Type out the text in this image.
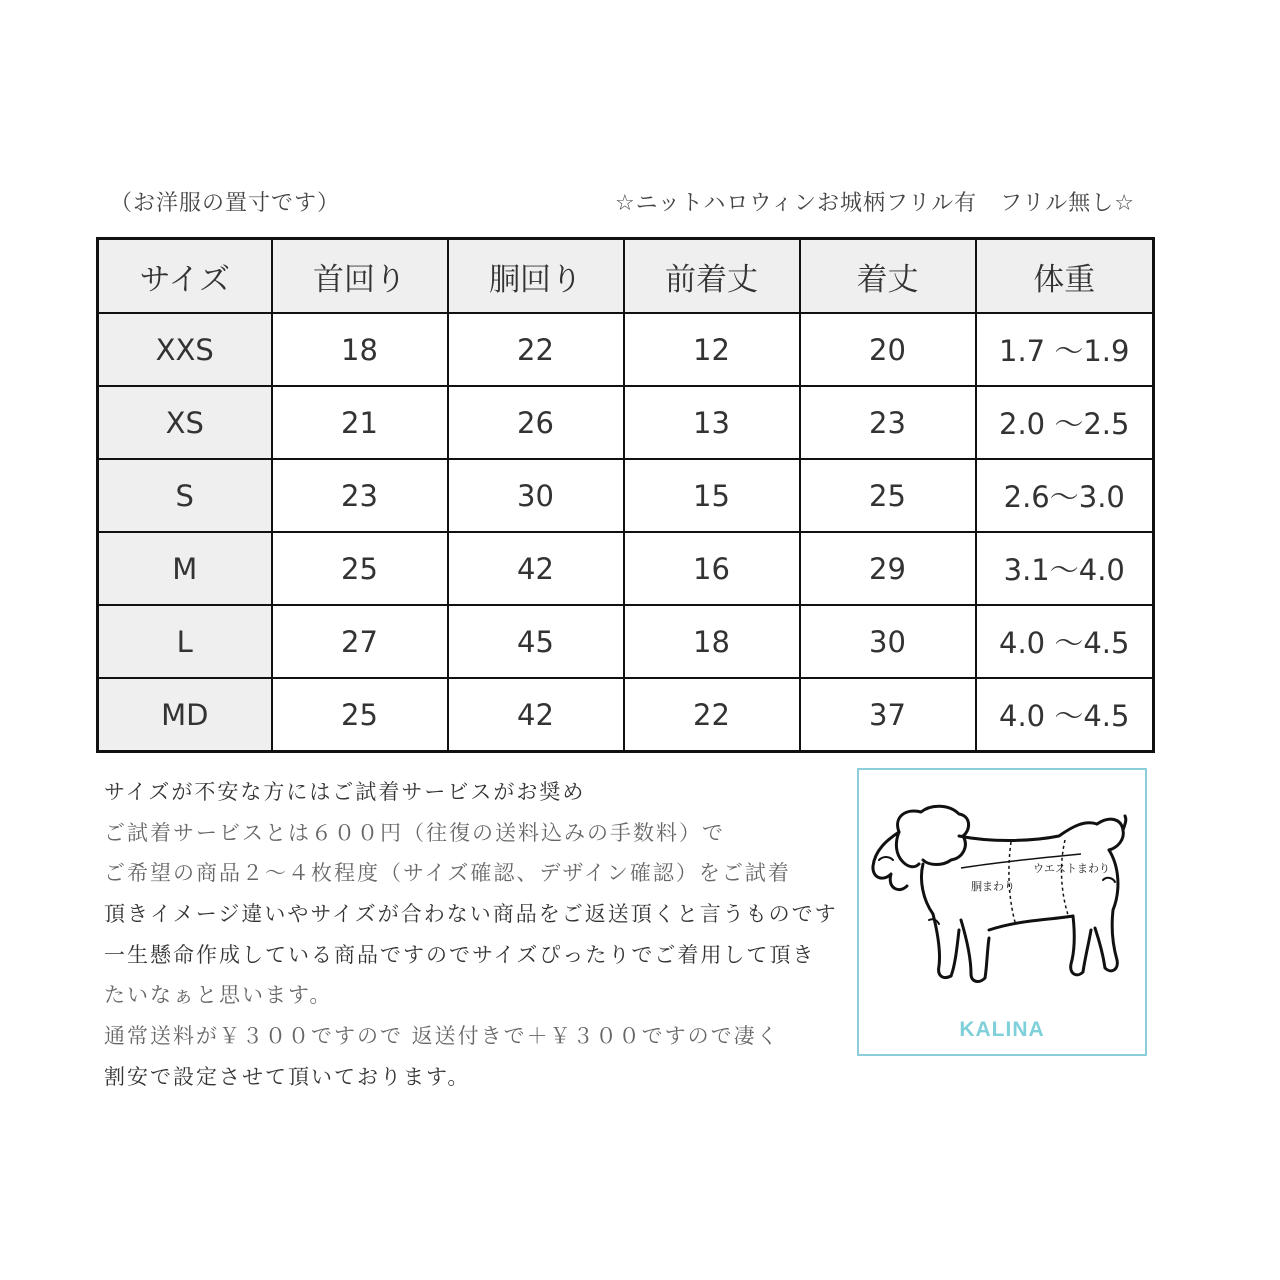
（お洋服の置寸です）	☆ニットハロウィンお城柄フリル有　フリル無し☆
サイズ	首回り	胴回り	前着丈	着丈	体重
XXS	18	22	12	20	1.7 ～1.9
XS	21	26	13	23	2.0 ～2.5
S	23	30	15	25	2.6～3.0
M	25	42	16	29	3.1～4.0
L	27	45	18	30	4.0 ～4.5
MD	25	42	22	37	4.0 ～4.5

サイズが不安な方にはご試着サービスがお奨め

ご試着サービスとは６００円（往復の送料込みの手数料）で

ご希望の商品２～４枚程度（サイズ確認、デザイン確認）をご試着

頂きイメージ違いやサイズが合わない商品をご返送頂くと言うものです

一生懸命作成している商品ですのでサイズぴったりでご着用して頂き

たいなぁと思います。

通常送料が￥３００ですので 返送付きで＋￥３００ですので凄く

割安で設定させて頂いております。

ウエストまわり
胴まわり
KALINA
